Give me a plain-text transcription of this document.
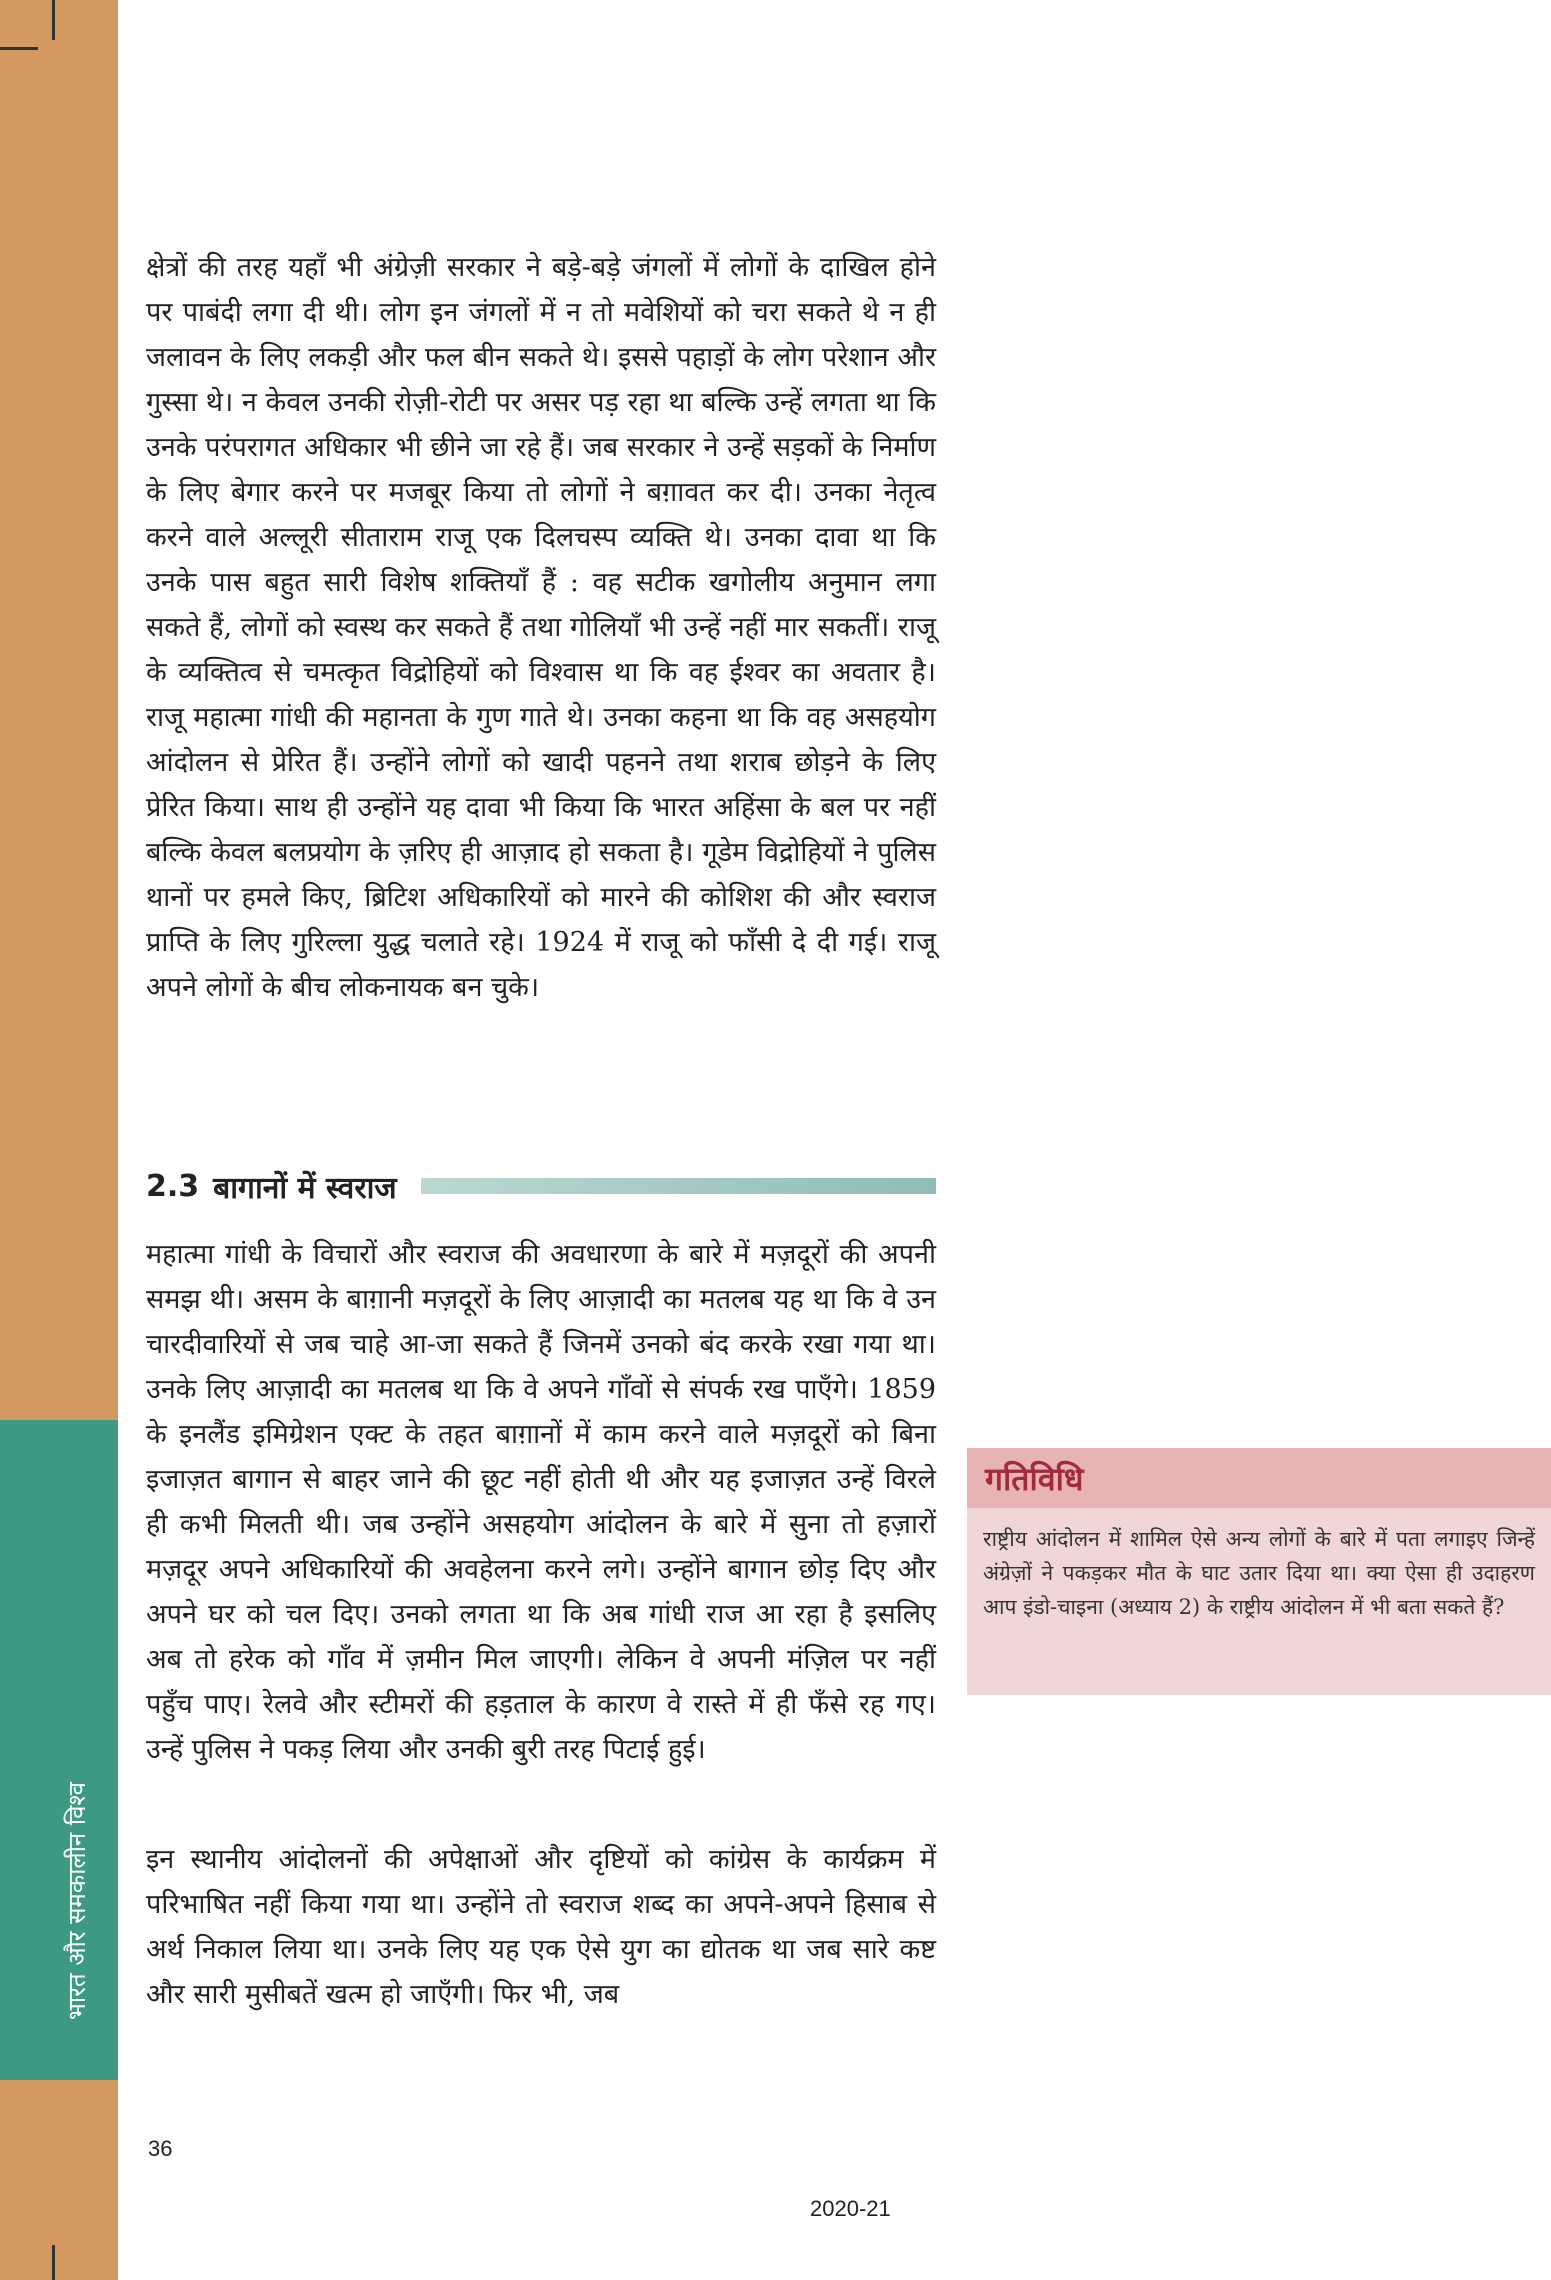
भारत और समकालीन विश्व

क्षेत्रों की तरह यहाँ भी अंग्रेज़ी सरकार ने बड़े-बड़े जंगलों में लोगों के दाखिल होने पर पाबंदी लगा दी थी। लोग इन जंगलों में न तो मवेशियों को चरा सकते थे न ही जलावन के लिए लकड़ी और फल बीन सकते थे। इससे पहाड़ों के लोग परेशान और गुस्सा थे। न केवल उनकी रोज़ी-रोटी पर असर पड़ रहा था बल्कि उन्हें लगता था कि उनके परंपरागत अधिकार भी छीने जा रहे हैं। जब सरकार ने उन्हें सड़कों के निर्माण के लिए बेगार करने पर मजबूर किया तो लोगों ने बग़ावत कर दी। उनका नेतृत्व करने वाले अल्लूरी सीताराम राजू एक दिलचस्प व्यक्ति थे। उनका दावा था कि उनके पास बहुत सारी विशेष शक्तियाँ हैं : वह सटीक खगोलीय अनुमान लगा सकते हैं, लोगों को स्वस्थ कर सकते हैं तथा गोलियाँ भी उन्हें नहीं मार सकतीं। राजू के व्यक्तित्व से चमत्कृत विद्रोहियों को विश्वास था कि वह ईश्वर का अवतार है। राजू महात्मा गांधी की महानता के गुण गाते थे। उनका कहना था कि वह असहयोग आंदोलन से प्रेरित हैं। उन्होंने लोगों को खादी पहनने तथा शराब छोड़ने के लिए प्रेरित किया। साथ ही उन्होंने यह दावा भी किया कि भारत अहिंसा के बल पर नहीं बल्कि केवल बलप्रयोग के ज़रिए ही आज़ाद हो सकता है। गूडेम विद्रोहियों ने पुलिस थानों पर हमले किए, ब्रिटिश अधिकारियों को मारने की कोशिश की और स्वराज प्राप्ति के लिए गुरिल्ला युद्ध चलाते रहे। 1924 में राजू को फाँसी दे दी गई। राजू अपने लोगों के बीच लोकनायक बन चुके।

2.3 बागानों में स्वराज

महात्मा गांधी के विचारों और स्वराज की अवधारणा के बारे में मज़दूरों की अपनी समझ थी। असम के बाग़ानी मज़दूरों के लिए आज़ादी का मतलब यह था कि वे उन चारदीवारियों से जब चाहे आ-जा सकते हैं जिनमें उनको बंद करके रखा गया था। उनके लिए आज़ादी का मतलब था कि वे अपने गाँवों से संपर्क रख पाएँगे। 1859 के इनलैंड इमिग्रेशन एक्ट के तहत बाग़ानों में काम करने वाले मज़दूरों को बिना इजाज़त बागान से बाहर जाने की छूट नहीं होती थी और यह इजाज़त उन्हें विरले ही कभी मिलती थी। जब उन्होंने असहयोग आंदोलन के बारे में सुना तो हज़ारों मज़दूर अपने अधिकारियों की अवहेलना करने लगे। उन्होंने बागान छोड़ दिए और अपने घर को चल दिए। उनको लगता था कि अब गांधी राज आ रहा है इसलिए अब तो हरेक को गाँव में ज़मीन मिल जाएगी। लेकिन वे अपनी मंज़िल पर नहीं पहुँच पाए। रेलवे और स्टीमरों की हड़ताल के कारण वे रास्ते में ही फँसे रह गए। उन्हें पुलिस ने पकड़ लिया और उनकी बुरी तरह पिटाई हुई।

इन स्थानीय आंदोलनों की अपेक्षाओं और दृष्टियों को कांग्रेस के कार्यक्रम में परिभाषित नहीं किया गया था। उन्होंने तो स्वराज शब्द का अपने-अपने हिसाब से अर्थ निकाल लिया था। उनके लिए यह एक ऐसे युग का द्योतक था जब सारे कष्ट और सारी मुसीबतें खत्म हो जाएँगी। फिर भी, जब

गतिविधि
राष्ट्रीय आंदोलन में शामिल ऐसे अन्य लोगों के बारे में पता लगाइए जिन्हें अंग्रेज़ों ने पकड़कर मौत के घाट उतार दिया था। क्या ऐसा ही उदाहरण आप इंडो-चाइना (अध्याय 2) के राष्ट्रीय आंदोलन में भी बता सकते हैं?
36
2020-21
